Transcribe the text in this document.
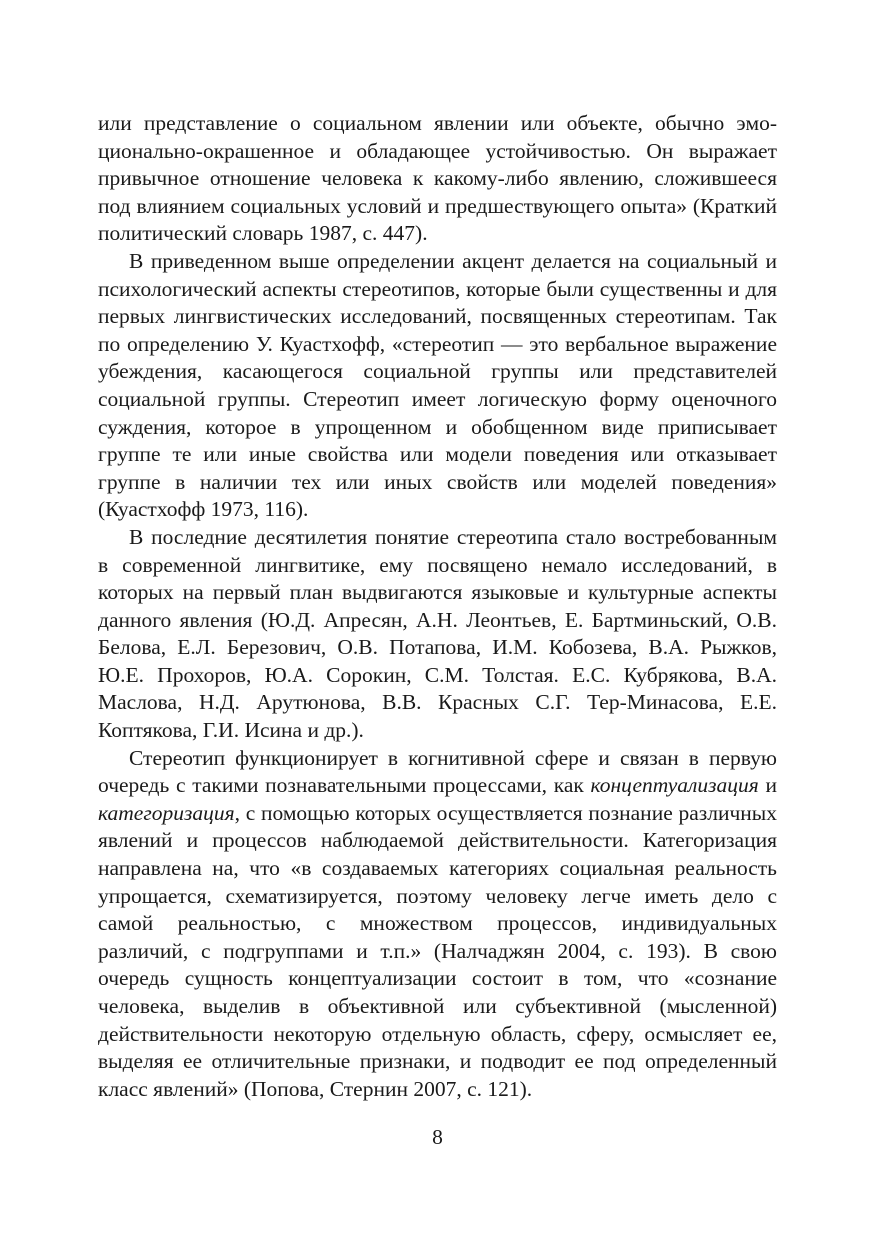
или представление о социальном явлении или объекте, обычно эмоционально-окрашенное и обладающее устойчивостью. Он выражает привычное отношение человека к какому-либо явлению, сложившееся под влиянием социальных условий и предшествующего опыта» (Краткий политический словарь 1987, с. 447).

В приведенном выше определении акцент делается на социальный и психологический аспекты стереотипов, которые были существенны и для первых лингвистических исследований, посвященных стереотипам. Так по определению У. Куастхофф, «стереотип — это вербальное выражение убеждения, касающегося социальной группы или представителей социальной группы. Стереотип имеет логическую форму оценочного суждения, которое в упрощенном и обобщенном виде приписывает группе те или иные свойства или модели поведения или отказывает группе в наличии тех или иных свойств или моделей поведения» (Куастхофф 1973, 116).

В последние десятилетия понятие стереотипа стало востребованным в современной лингвитике, ему посвящено немало исследований, в которых на первый план выдвигаются языковые и культурные аспекты данного явления (Ю.Д. Апресян, А.Н. Леонтьев, Е. Бартминьский, О.В. Белова, Е.Л. Березович, О.В. Потапова, И.М. Кобозева, В.А. Рыжков, Ю.Е. Прохоров, Ю.А. Сорокин, С.М. Толстая. Е.С. Кубрякова, В.А. Маслова, Н.Д. Арутюнова, В.В. Красных С.Г. Тер-Минасова, Е.Е. Коптякова, Г.И. Исина и др.).

Стереотип функционирует в когнитивной сфере и связан в первую очередь с такими познавательными процессами, как концептуализация и категоризация, с помощью которых осуществляется познание различных явлений и процессов наблюдаемой действительности. Категоризация направлена на, что «в создаваемых категориях социальная реальность упрощается, схематизируется, поэтому человеку легче иметь дело с самой реальностью, с множеством процессов, индивидуальных различий, с подгруппами и т.п.» (Налчаджян 2004, с. 193). В свою очередь сущность концептуализации состоит в том, что «сознание человека, выделив в объективной или субъективной (мысленной) действительности некоторую отдельную область, сферу, осмысляет ее, выделяя ее отличительные признаки, и подводит ее под определенный класс явлений» (Попова, Стернин 2007, с. 121).

8
